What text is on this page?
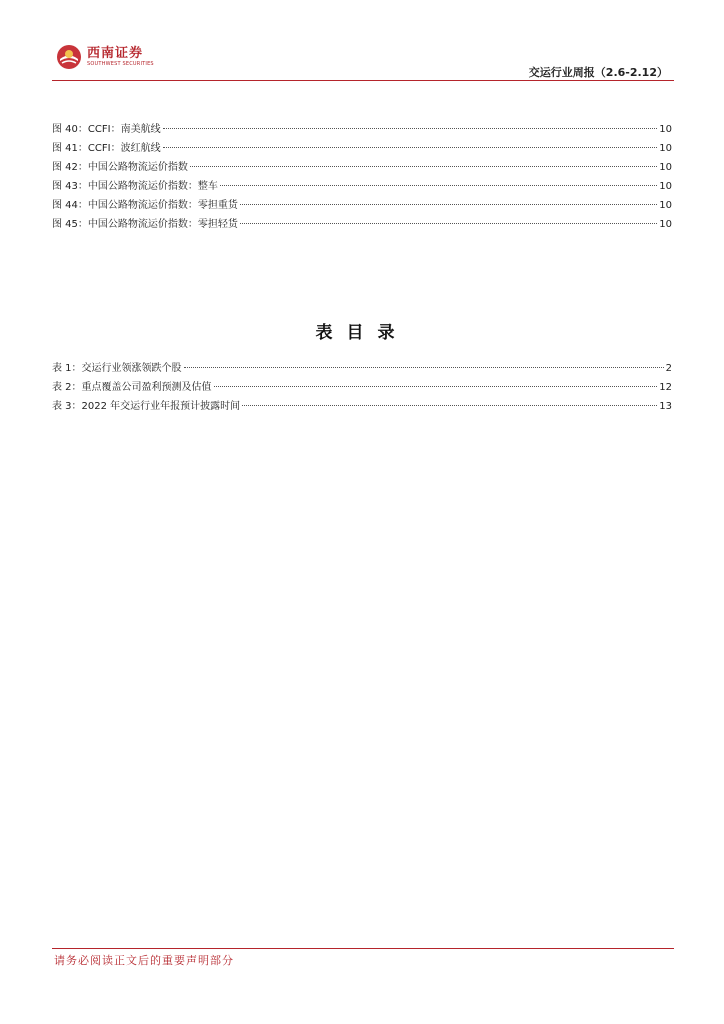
西南证券
SOUTHWEST SECURITIES
交运行业周报（2.6-2.12）
图 40：CCFI：南美航线	10
图 41：CCFI：波红航线	10
图 42：中国公路物流运价指数	10
图 43：中国公路物流运价指数：整车	10
图 44：中国公路物流运价指数：零担重货	10
图 45：中国公路物流运价指数：零担轻货	10
表目录
表 1：交运行业领涨领跌个股	2
表 2：重点覆盖公司盈利预测及估值	12
表 3：2022 年交运行业年报预计披露时间	13
请务必阅读正文后的重要声明部分
